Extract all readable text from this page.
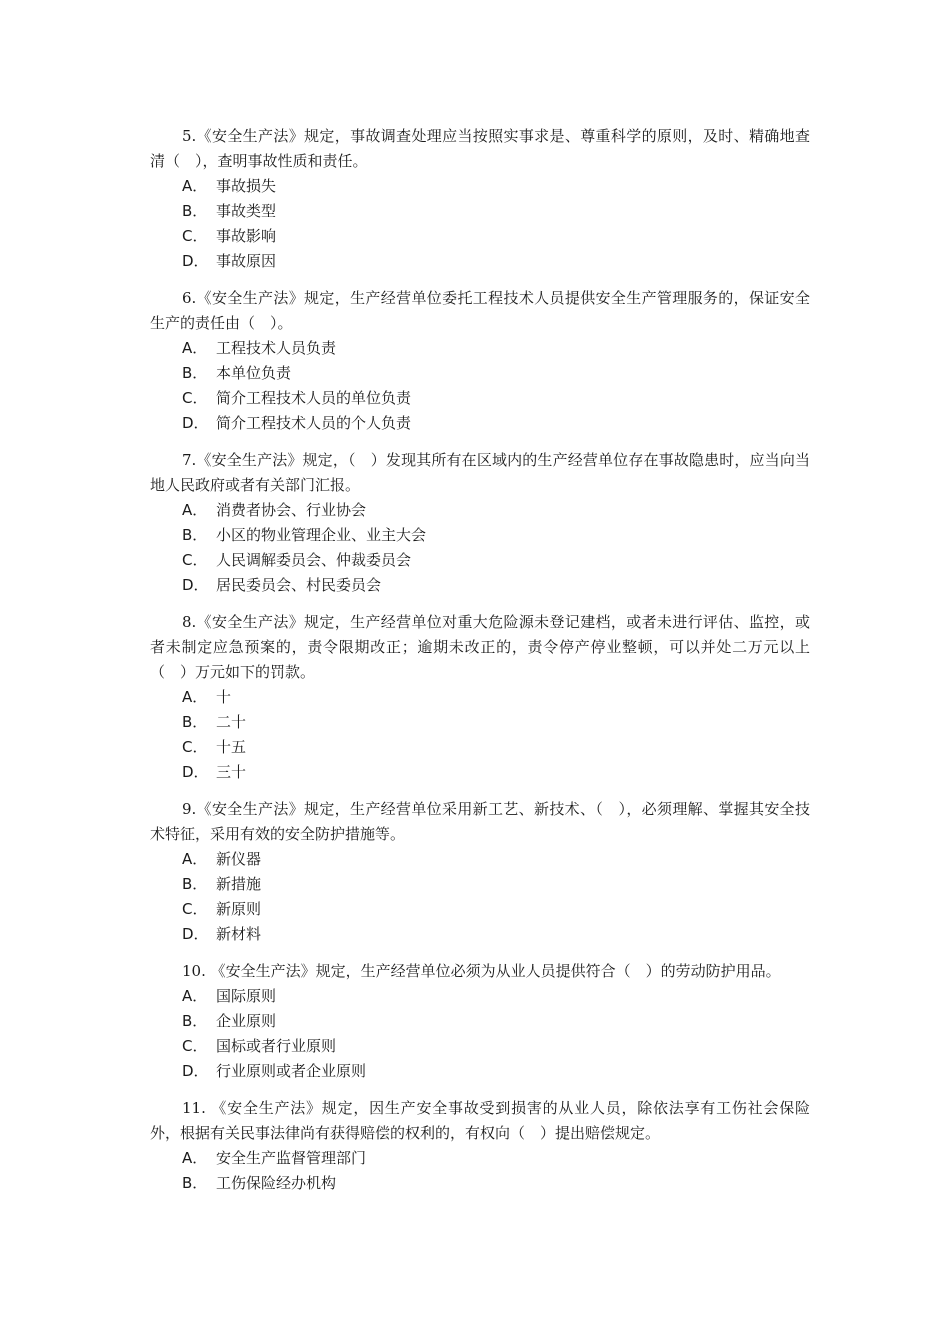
5.《安全生产法》规定，事故调查处理应当按照实事求是、尊重科学的原则，及时、精确地查清（　），查明事故性质和责任。

A． 事故损失
B． 事故类型
C． 事故影响
D． 事故原因

6.《安全生产法》规定，生产经营单位委托工程技术人员提供安全生产管理服务的，保证安全生产的责任由（　）。

A． 工程技术人员负责
B． 本单位负责
C． 简介工程技术人员的单位负责
D． 简介工程技术人员的个人负责

7.《安全生产法》规定，（　）发现其所有在区域内的生产经营单位存在事故隐患时，应当向当地人民政府或者有关部门汇报。

A． 消费者协会、行业协会
B． 小区的物业管理企业、业主大会
C． 人民调解委员会、仲裁委员会
D． 居民委员会、村民委员会

8.《安全生产法》规定，生产经营单位对重大危险源未登记建档，或者未进行评估、监控，或者未制定应急预案的，责令限期改正；逾期未改正的，责令停产停业整顿，可以并处二万元以上（　）万元如下的罚款。

A． 十
B． 二十
C． 十五
D． 三十

9.《安全生产法》规定，生产经营单位采用新工艺、新技术、（　），必须理解、掌握其安全技术特征，采用有效的安全防护措施等。

A． 新仪器
B． 新措施
C． 新原则
D． 新材料

10. 《安全生产法》规定，生产经营单位必须为从业人员提供符合（　）的劳动防护用品。

A． 国际原则
B． 企业原则
C． 国标或者行业原则
D． 行业原则或者企业原则

11. 《安全生产法》规定，因生产安全事故受到损害的从业人员，除依法享有工伤社会保险外，根据有关民事法律尚有获得赔偿的权利的，有权向（　）提出赔偿规定。

A． 安全生产监督管理部门
B． 工伤保险经办机构
